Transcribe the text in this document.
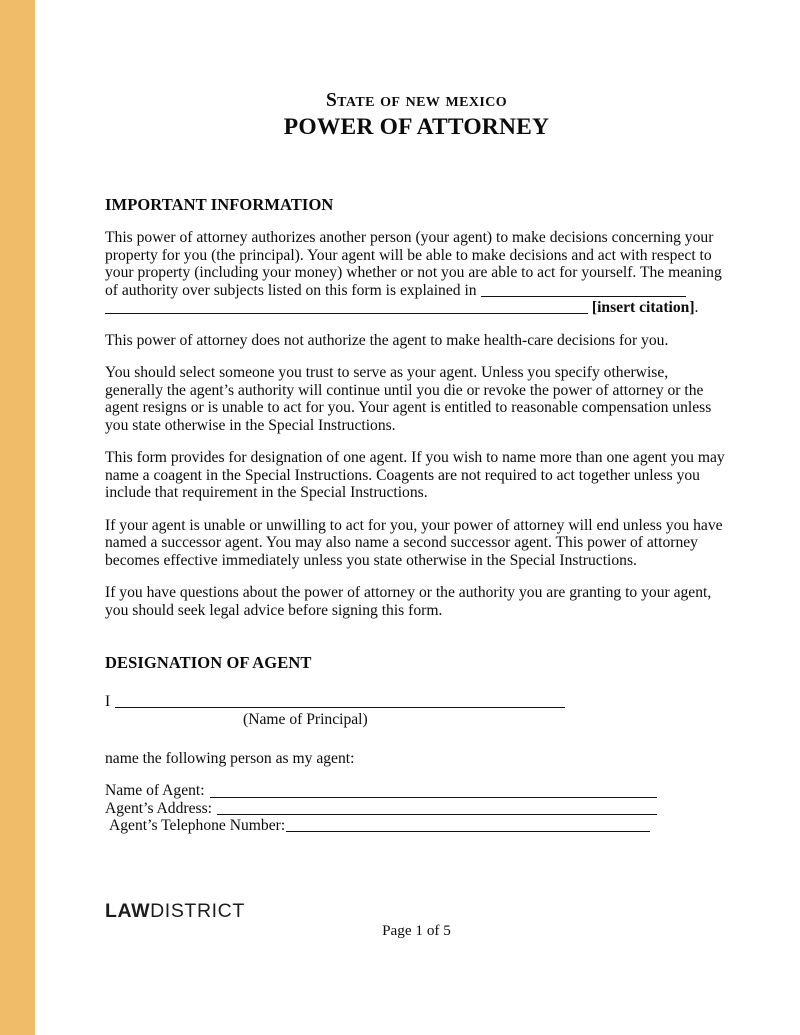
State of new mexico
POWER OF ATTORNEY
IMPORTANT INFORMATION

This power of attorney authorizes another person (your agent) to make decisions concerning your property for you (the principal). Your agent will be able to make decisions and act with respect to your property (including your money) whether or not you are able to act for yourself. The meaning of authority over subjects listed on this form is explained in
[insert citation].

This power of attorney does not authorize the agent to make health-care decisions for you.

You should select someone you trust to serve as your agent. Unless you specify otherwise, generally the agent’s authority will continue until you die or revoke the power of attorney or the agent resigns or is unable to act for you. Your agent is entitled to reasonable compensation unless you state otherwise in the Special Instructions.

This form provides for designation of one agent. If you wish to name more than one agent you may name a coagent in the Special Instructions. Coagents are not required to act together unless you include that requirement in the Special Instructions.

If your agent is unable or unwilling to act for you, your power of attorney will end unless you have named a successor agent. You may also name a second successor agent. This power of attorney becomes effective immediately unless you state otherwise in the Special Instructions.

If you have questions about the power of attorney or the authority you are granting to your agent, you should seek legal advice before signing this form.

DESIGNATION OF AGENT
I
(Name of Principal)

name the following person as my agent:

Name of Agent:
Agent’s Address:
Agent’s Telephone Number:
LAWDISTRICT
Page 1 of 5
